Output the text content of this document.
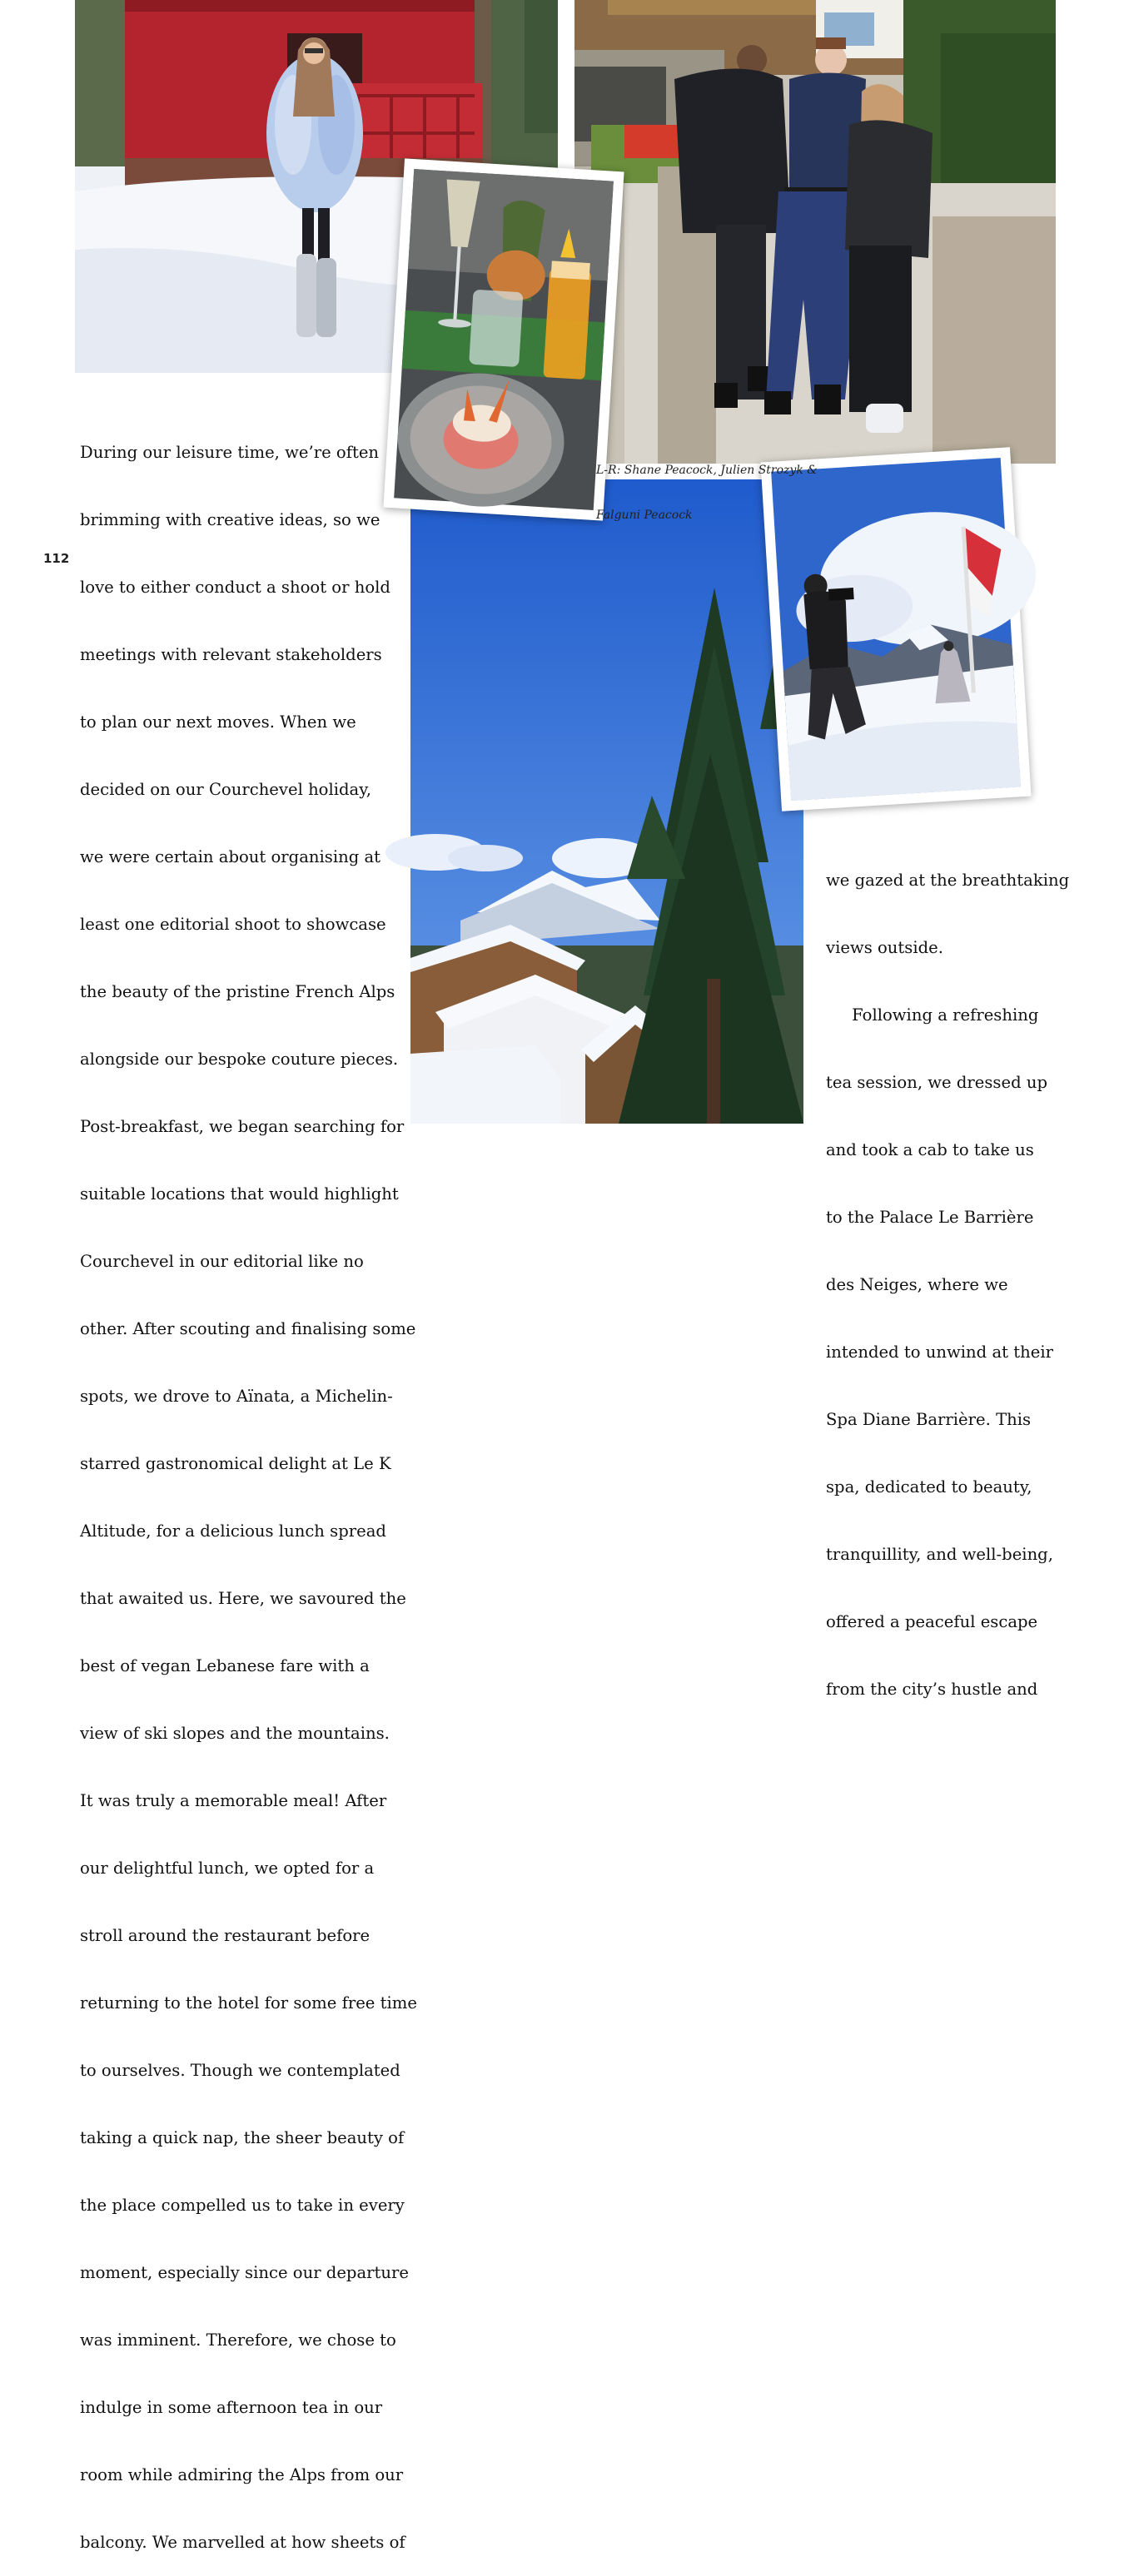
L-R: Shane Peacock, Julien Strozyk &

Falguni Peacock

112

During our leisure time, we’re often

brimming with creative ideas, so we

love to either conduct a shoot or hold

meetings with relevant stakeholders

to plan our next moves. When we

decided on our Courchevel holiday,

we were certain about organising at

least one editorial shoot to showcase

the beauty of the pristine French Alps

alongside our bespoke couture pieces.

Post-breakfast, we began searching for

suitable locations that would highlight

Courchevel in our editorial like no

other. After scouting and finalising some

spots, we drove to Aïnata, a Michelin-

starred gastronomical delight at Le K

Altitude, for a delicious lunch spread

that awaited us. Here, we savoured the

best of vegan Lebanese fare with a

view of ski slopes and the mountains.

It was truly a memorable meal! After

our delightful lunch, we opted for a

stroll around the restaurant before

returning to the hotel for some free time

to ourselves. Though we contemplated

taking a quick nap, the sheer beauty of

the place compelled us to take in every

moment, especially since our departure

was imminent. Therefore, we chose to

indulge in some afternoon tea in our

room while admiring the Alps from our

balcony. We marvelled at how sheets of

we gazed at the breathtaking

views outside.

Following a refreshing

tea session, we dressed up

and took a cab to take us

to the Palace Le Barrière

des Neiges, where we

intended to unwind at their

Spa Diane Barrière. This

spa, dedicated to beauty,

tranquillity, and well-being,

offered a peaceful escape

from the city’s hustle and
